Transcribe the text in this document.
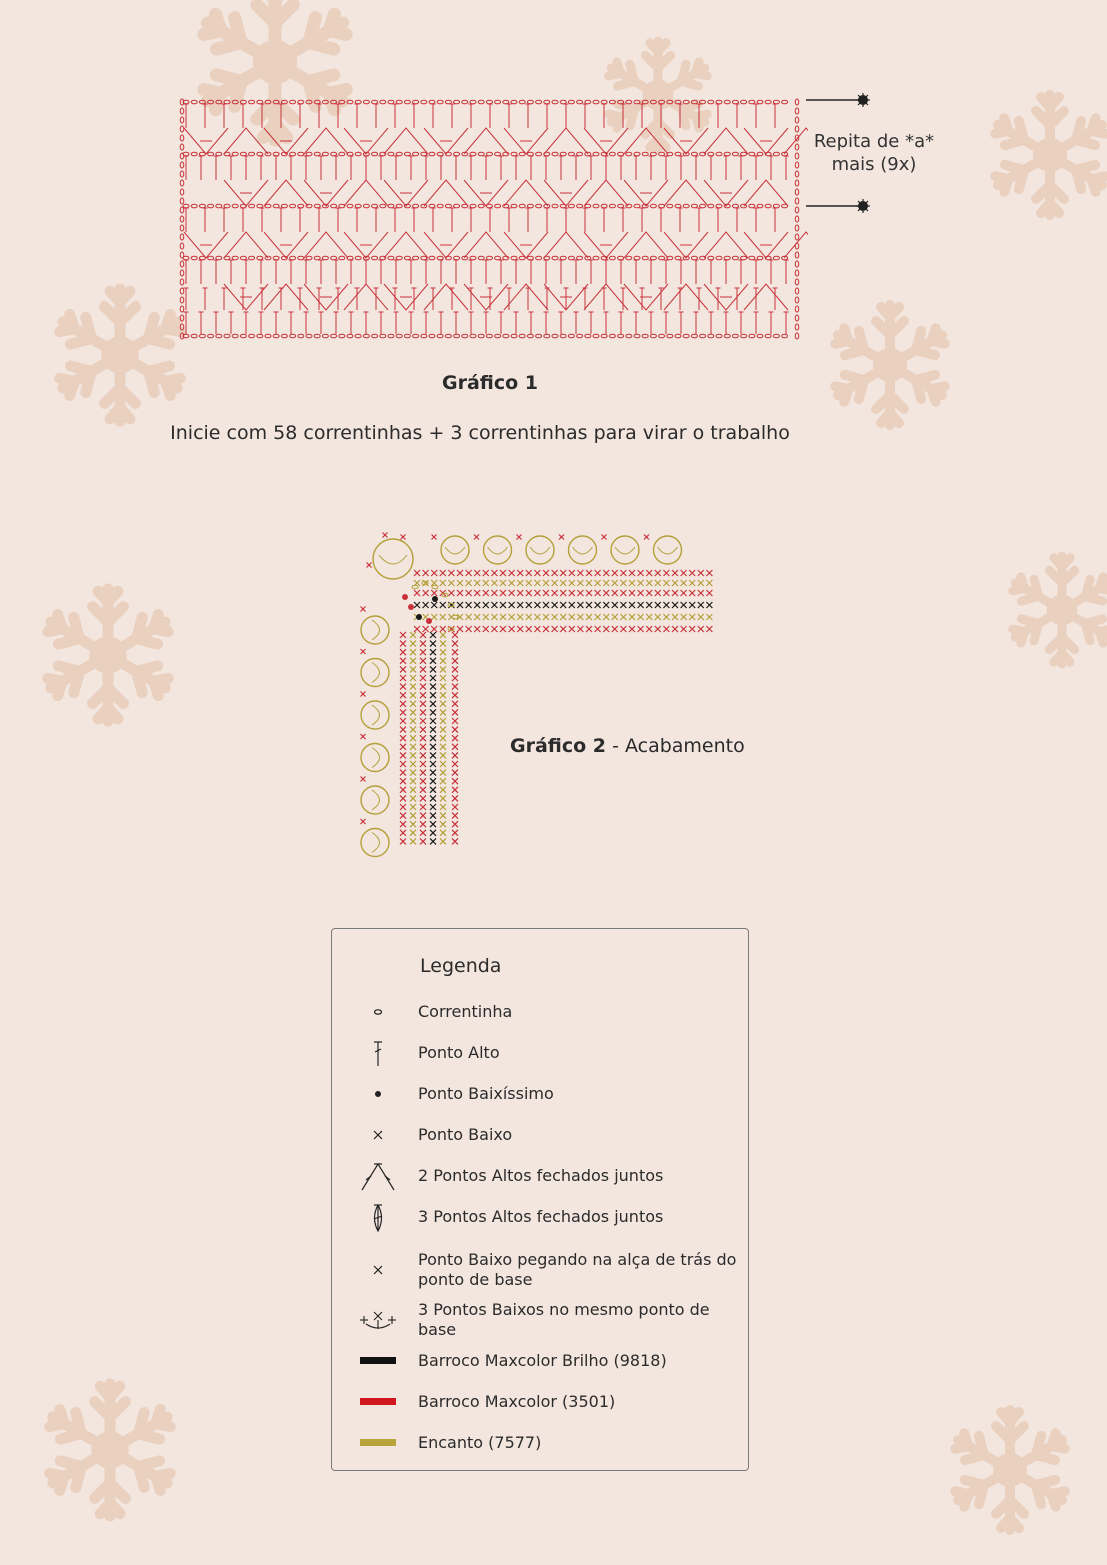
Repita de *a*
mais (9x)
Gráfico 1
Inicie com 58 correntinhas + 3 correntinhas para virar o trabalho
Gráfico 2 - Acabamento
Legenda
Correntinha
Ponto Alto
Ponto Baixíssimo
Ponto Baixo
2 Pontos Altos fechados juntos
3 Pontos Altos fechados juntos
Ponto Baixo pegando na alça de trás do ponto de base
3 Pontos Baixos no mesmo ponto de base
Barroco Maxcolor Brilho (9818)
Barroco Maxcolor (3501)
Encanto (7577)
